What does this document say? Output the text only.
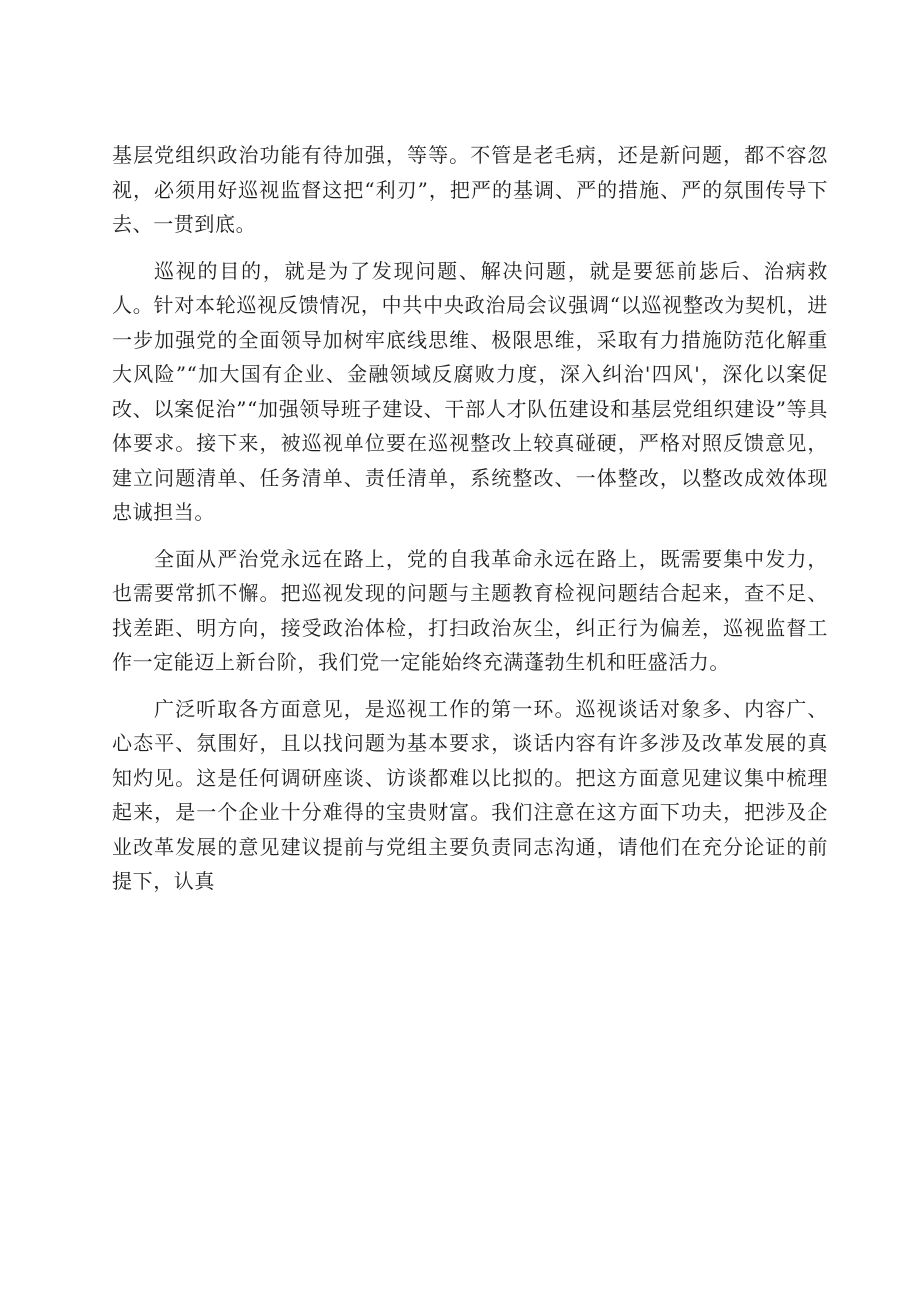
基层党组织政治功能有待加强，等等。不管是老毛病，还是新问题，都不容忽视，必须用好巡视监督这把“利刃”，把严的基调、严的措施、严的氛围传导下去、一贯到底。

巡视的目的，就是为了发现问题、解决问题，就是要惩前毖后、治病救人。针对本轮巡视反馈情况，中共中央政治局会议强调“以巡视整改为契机，进一步加强党的全面领导加树牢底线思维、极限思维，采取有力措施防范化解重大风险”“加大国有企业、金融领域反腐败力度，深入纠治'四风'，深化以案促改、以案促治”“加强领导班子建设、干部人才队伍建设和基层党组织建设”等具体要求。接下来，被巡视单位要在巡视整改上较真碰硬，严格对照反馈意见，建立问题清单、任务清单、责任清单，系统整改、一体整改，以整改成效体现忠诚担当。

全面从严治党永远在路上，党的自我革命永远在路上，既需要集中发力，也需要常抓不懈。把巡视发现的问题与主题教育检视问题结合起来，查不足、找差距、明方向，接受政治体检，打扫政治灰尘，纠正行为偏差，巡视监督工作一定能迈上新台阶，我们党一定能始终充满蓬勃生机和旺盛活力。

广泛听取各方面意见，是巡视工作的第一环。巡视谈话对象多、内容广、心态平、氛围好，且以找问题为基本要求，谈话内容有许多涉及改革发展的真知灼见。这是任何调研座谈、访谈都难以比拟的。把这方面意见建议集中梳理起来，是一个企业十分难得的宝贵财富。我们注意在这方面下功夫，把涉及企业改革发展的意见建议提前与党组主要负责同志沟通，请他们在充分论证的前提下，认真
